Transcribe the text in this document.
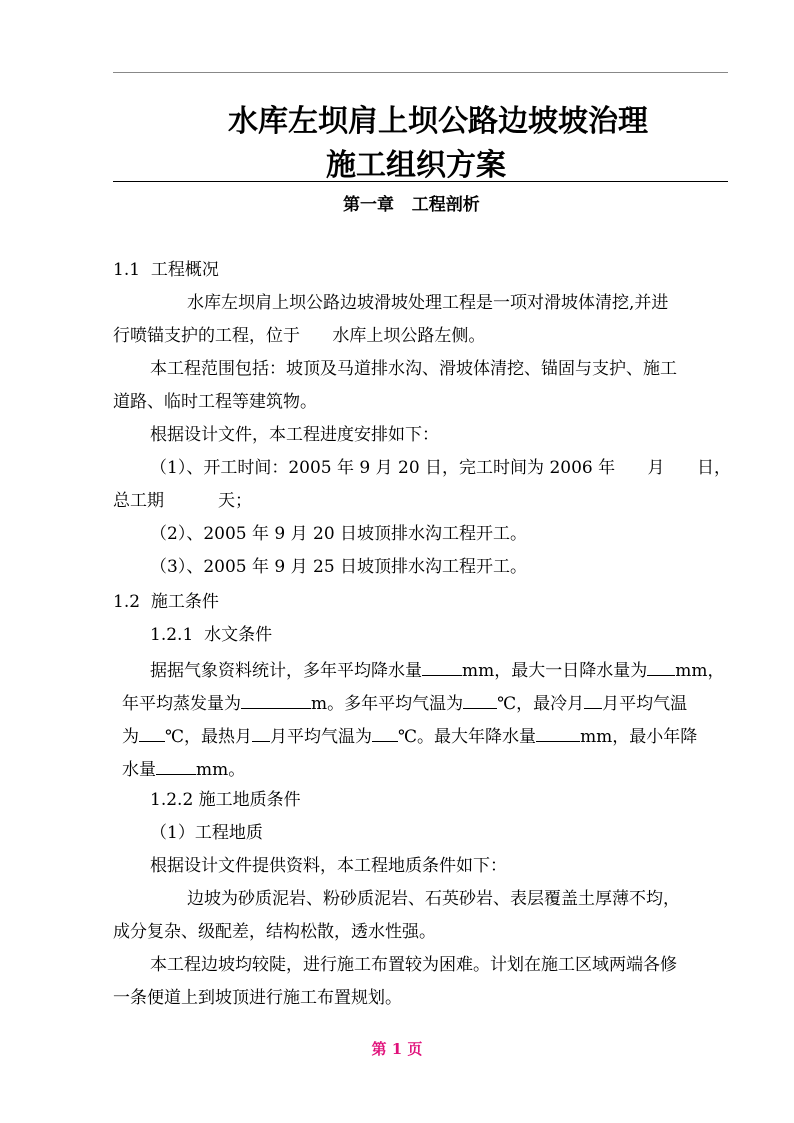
水库左坝肩上坝公路边坡坡治理
施工组织方案
第一章   工程剖析
1.1  工程概况
水库左坝肩上坝公路边坡滑坡处理工程是一项对滑坡体清挖,并进
行喷锚支护的工程，位于      水库上坝公路左侧。
本工程范围包括：坡顶及马道排水沟、滑坡体清挖、锚固与支护、施工
道路、临时工程等建筑物。
根据设计文件，本工程进度安排如下：
（1）、开工时间：2005 年 9 月 20 日，完工时间为 2006 年      月      日，
总工期          天；
（2）、2005 年 9 月 20 日坡顶排水沟工程开工。
（3）、2005 年 9 月 25 日坡顶排水沟工程开工。
1.2  施工条件
1.2.1  水文条件
据据气象资料统计，多年平均降水量 mm，最大一日降水量为 mm，
年平均蒸发量为	m。多年平均气温为 ℃，最冷月 月平均气温
为 ℃，最热月 月平均气温为 ℃。最大年降水量	mm，最小年降
水量 mm。
1.2.2 施工地质条件
（1）工程地质
根据设计文件提供资料，本工程地质条件如下：
边坡为砂质泥岩、粉砂质泥岩、石英砂岩、表层覆盖土厚薄不均，
成分复杂、级配差，结构松散，透水性强。
本工程边坡均较陡，进行施工布置较为困难。计划在施工区域两端各修
一条便道上到坡顶进行施工布置规划。
第 1 页
